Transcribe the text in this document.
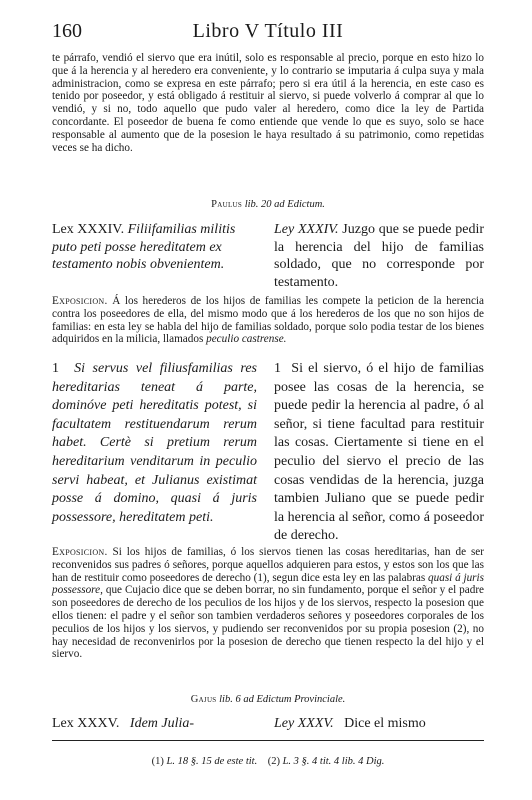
160	Libro V Título III

te párrafo, vendió el siervo que era inútil, solo es responsable al precio, porque en esto hizo lo que á la herencia y al heredero era conveniente, y lo contrario se imputaria á culpa suya y mala administracion, como se expresa en este párrafo; pero si era útil á la herencia, en este caso es tenido por poseedor, y está obligado á restituir al siervo, si puede volverlo á comprar al que lo vendió, y si no, todo aquello que pudo valer al heredero, como dice la ley de Partida concordante. El poseedor de buena fe como entiende que vende lo que es suyo, solo se hace responsable al aumento que de la posesion le haya resultado á su patrimonio, como repetidas veces se ha dicho.

Paulus lib. 20 ad Edictum.

Lex XXXIV. Filiifamilias militis puto peti posse hereditatem ex testamento nobis obvenientem.

Ley XXXIV. Juzgo que se puede pedir la herencia del hijo de familias soldado, que no corresponde por testamento.

Exposicion. Á los herederos de los hijos de familias les compete la peticion de la herencia contra los poseedores de ella, del mismo modo que á los herederos de los que no son hijos de familias: en esta ley se habla del hijo de familias soldado, porque solo podia testar de los bienes adquiridos en la milicia, llamados peculio castrense.

1 Si servus vel filiusfamilias res hereditarias teneat á parte, dominóve peti hereditatis potest, si facultatem restituendarum rerum habet. Certè si pretium rerum hereditarium venditarum in peculio servi habeat, et Julianus existimat posse á domino, quasi á juris possessore, hereditatem peti.

1 Si el siervo, ó el hijo de familias posee las cosas de la herencia, se puede pedir la herencia al padre, ó al señor, si tiene facultad para restituir las cosas. Ciertamente si tiene en el peculio del siervo el precio de las cosas vendidas de la herencia, juzga tambien Juliano que se puede pedir la herencia al señor, como á poseedor de derecho.

Exposicion. Si los hijos de familias, ó los siervos tienen las cosas hereditarias, han de ser reconvenidos sus padres ó señores, porque aquellos adquieren para estos, y estos son los que las han de restituir como poseedores de derecho (1), segun dice esta ley en las palabras quasi á juris possessore, que Cujacio dice que se deben borrar, no sin fundamento, porque el señor y el padre son poseedores de derecho de los peculios de los hijos y de los siervos, respecto la posesion que ellos tienen: el padre y el señor son tambien verdaderos señores y poseedores corporales de los peculios de los hijos y los siervos, y pudiendo ser reconvenidos por su propia posesion (2), no hay necesidad de reconvenirlos por la posesion de derecho que tienen respecto la del hijo y el siervo.

Gajus lib. 6 ad Edictum Provinciale.

Lex XXXV. Idem Julia-	Ley XXXV. Dice el mismo

(1) L. 18 §. 15 de este tit. (2) L. 3 §. 4 tit. 4 lib. 4 Dig.
